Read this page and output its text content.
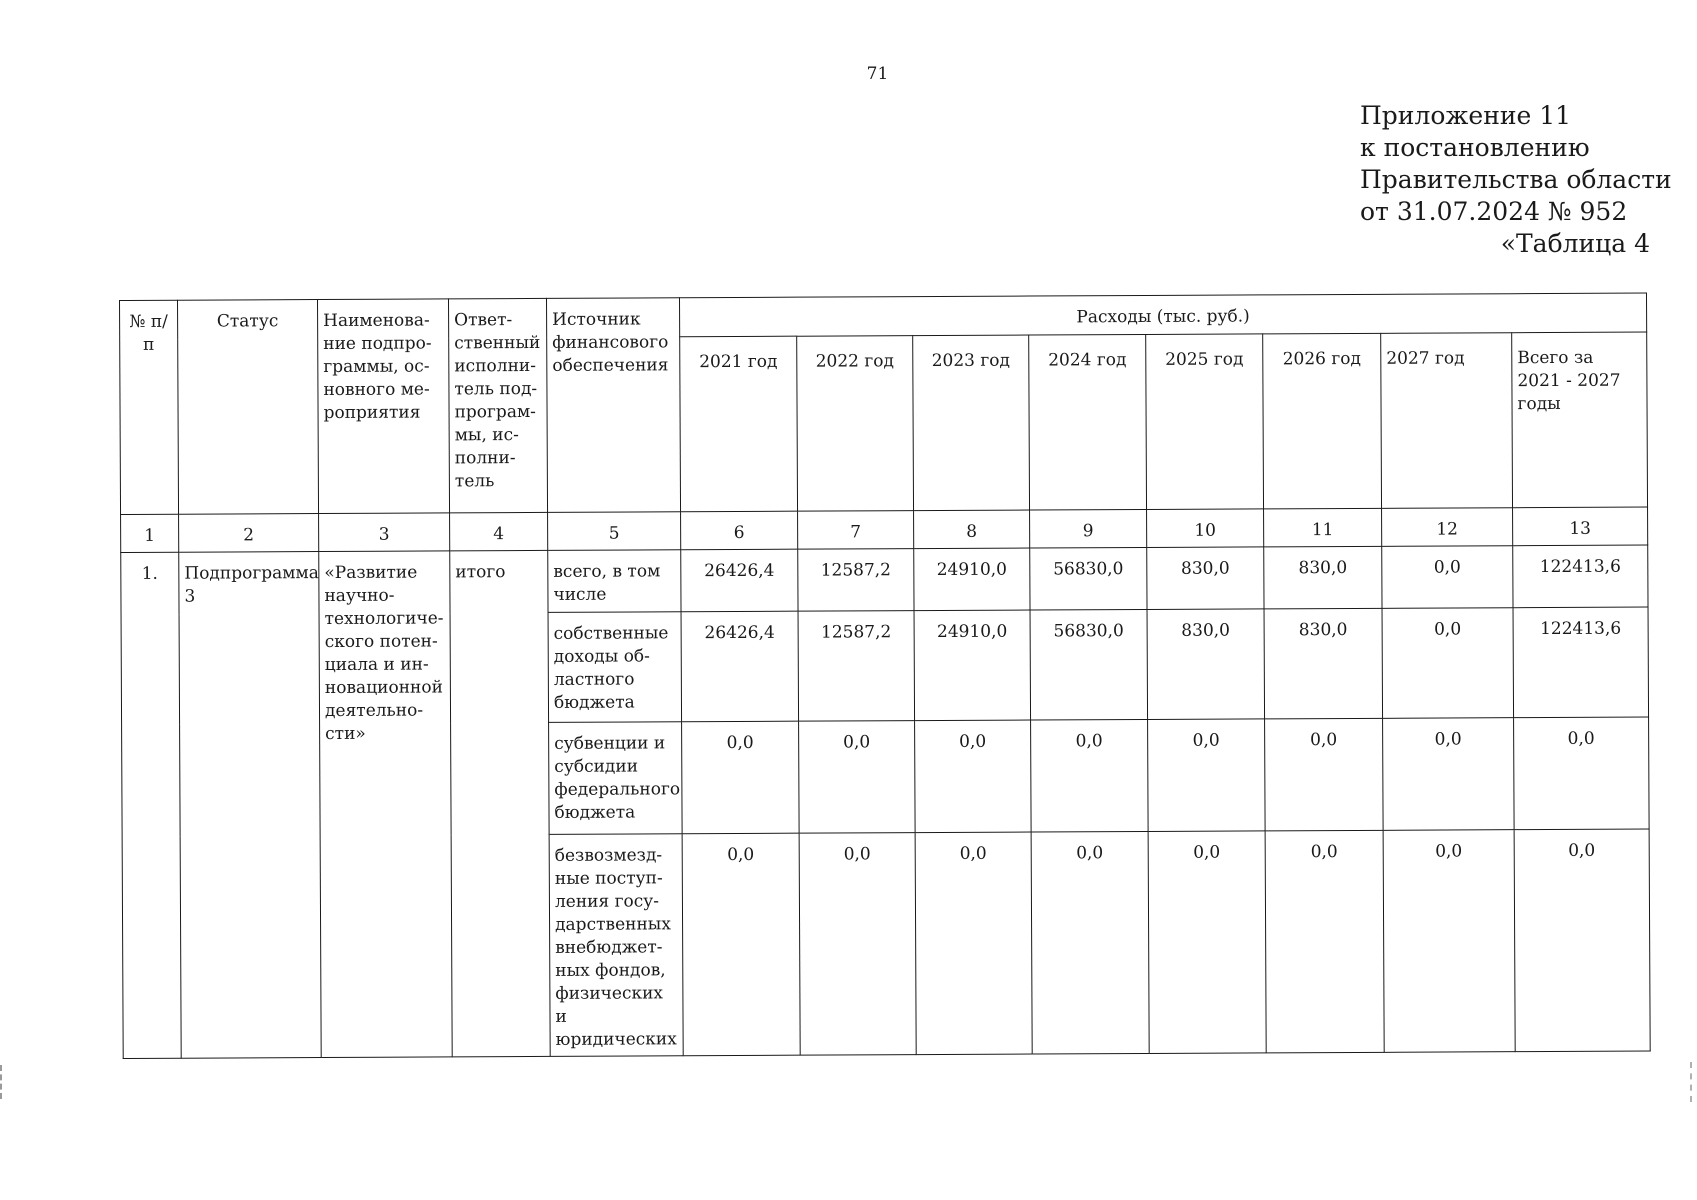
71
Приложение 11
к постановлению
Правительства области
от 31.07.2024 № 952
«Таблица 4
№ п/п	Статус	Наименова-ние подпро-граммы, ос-новного ме-роприятия	Ответ-ственный исполни-тель под-програм-мы, ис-полни-тель	Источник финансового обеспечения	Расходы (тыс. руб.)							
					2021 год	2022 год	2023 год	2024 год	2025 год	2026 год	2027 год	Всего за 2021 - 2027 годы
1	2	3	4	5	6	7	8	9	10	11	12	13
1.	Подпрограмма 3	«Развитие научно-технологиче-ского потен-циала и ин-новационной деятельно-сти»	итого	всего, в том числе	26426,4	12587,2	24910,0	56830,0	830,0	830,0	0,0	122413,6
				собственные доходы об-ластного бюджета	26426,4	12587,2	24910,0	56830,0	830,0	830,0	0,0	122413,6
				субвенции и субсидии федерального бюджета	0,0	0,0	0,0	0,0	0,0	0,0	0,0	0,0
				безвозмезд-ные поступ-ления госу-дарственных внебюджет-ных фондов, физических и юридических	0,0	0,0	0,0	0,0	0,0	0,0	0,0	0,0
